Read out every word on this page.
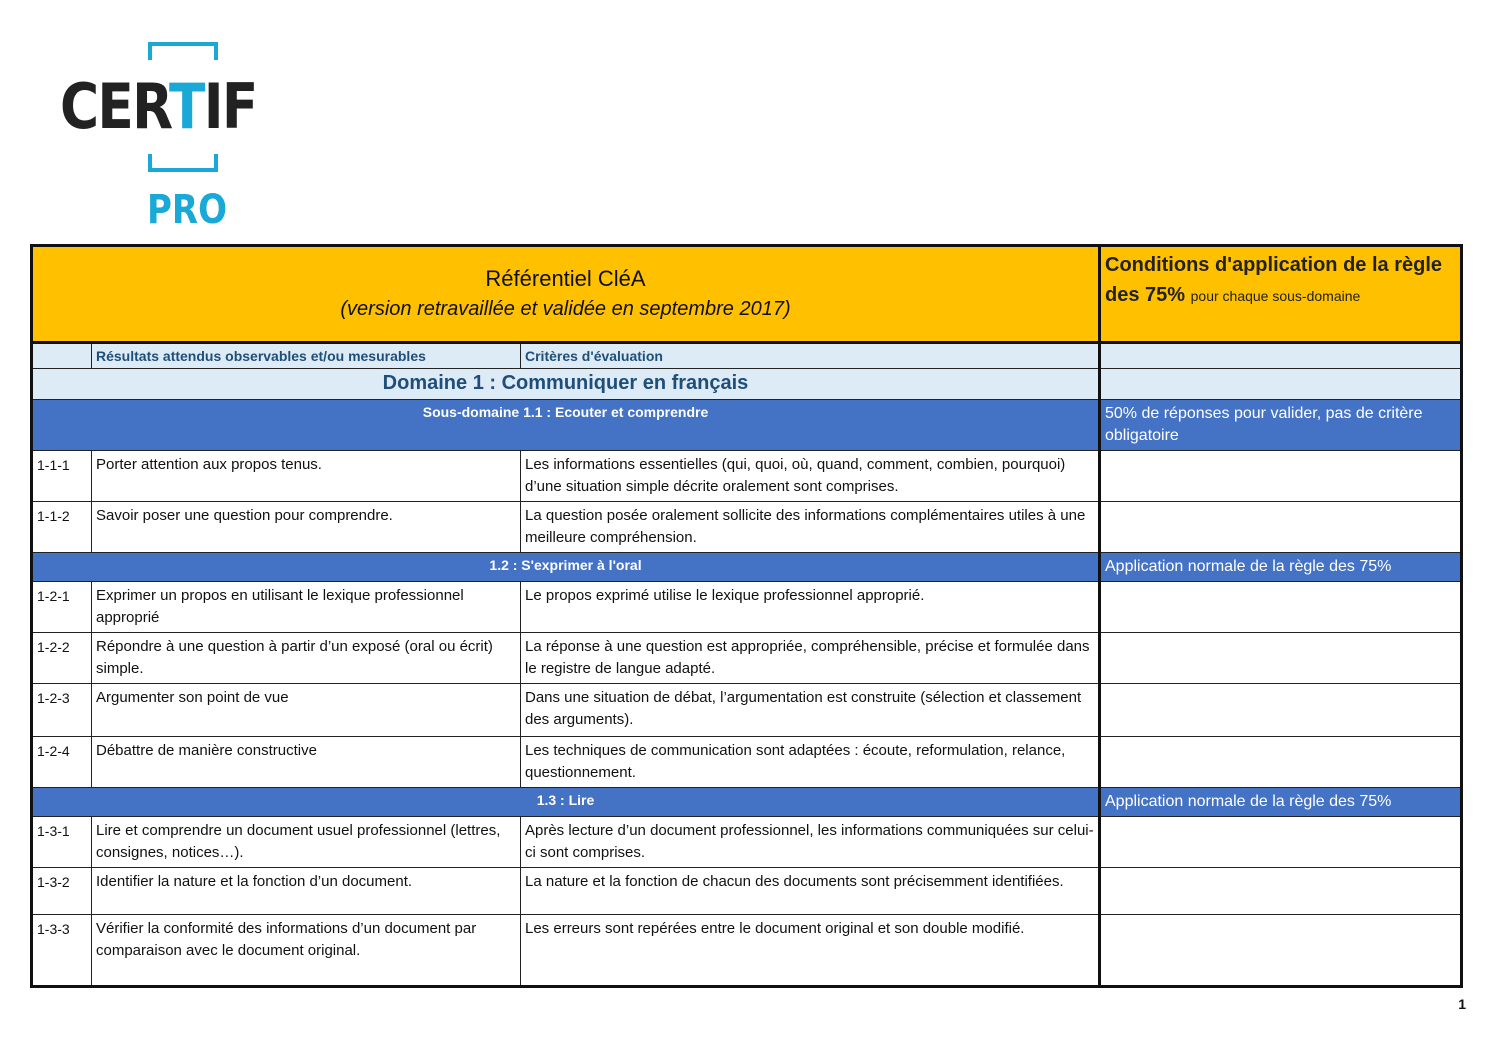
CERTIF
PRO
Référentiel CléA
(version retravaillée et validée en septembre 2017)			Conditions d'application de la règle des 75% pour chaque sous-domaine
	Résultats attendus observables et/ou mesurables	Critères d'évaluation	
Domaine 1 : Communiquer en français			
Sous-domaine 1.1 : Ecouter et comprendre			50% de réponses pour valider, pas de critère obligatoire
1-1-1	Porter attention aux propos tenus.	Les informations essentielles (qui, quoi, où, quand, comment, combien, pourquoi) d’une situation simple décrite oralement sont comprises.	
1-1-2	Savoir poser une question pour comprendre.	La question posée oralement sollicite des informations complémentaires utiles à une meilleure compréhension.	
1.2 : S'exprimer à l'oral			Application normale de la règle des 75%
1-2-1	Exprimer un propos en utilisant le lexique professionnel approprié	Le propos exprimé utilise le lexique professionnel approprié.	
1-2-2	Répondre à une question à partir d’un exposé (oral ou écrit) simple.	La réponse à une question est appropriée, compréhensible, précise et formulée dans le registre de langue adapté.	
1-2-3	Argumenter son point de vue	Dans une situation de débat, l’argumentation est construite (sélection et classement des arguments).	
1-2-4	Débattre de manière constructive	Les techniques de communication sont adaptées : écoute, reformulation, relance, questionnement.	
1.3 : Lire			Application normale de la règle des 75%
1-3-1	Lire et comprendre un document usuel professionnel (lettres, consignes, notices…).	Après lecture d’un document professionnel, les informations communiquées sur celui-ci sont comprises.	
1-3-2	Identifier la nature et la fonction d’un document.	La nature et la fonction de chacun des documents sont précisemment identifiées.	
1-3-3	Vérifier la conformité des informations d’un document par comparaison avec le document original.	Les erreurs sont repérées entre le document original et son double modifié.	
1
